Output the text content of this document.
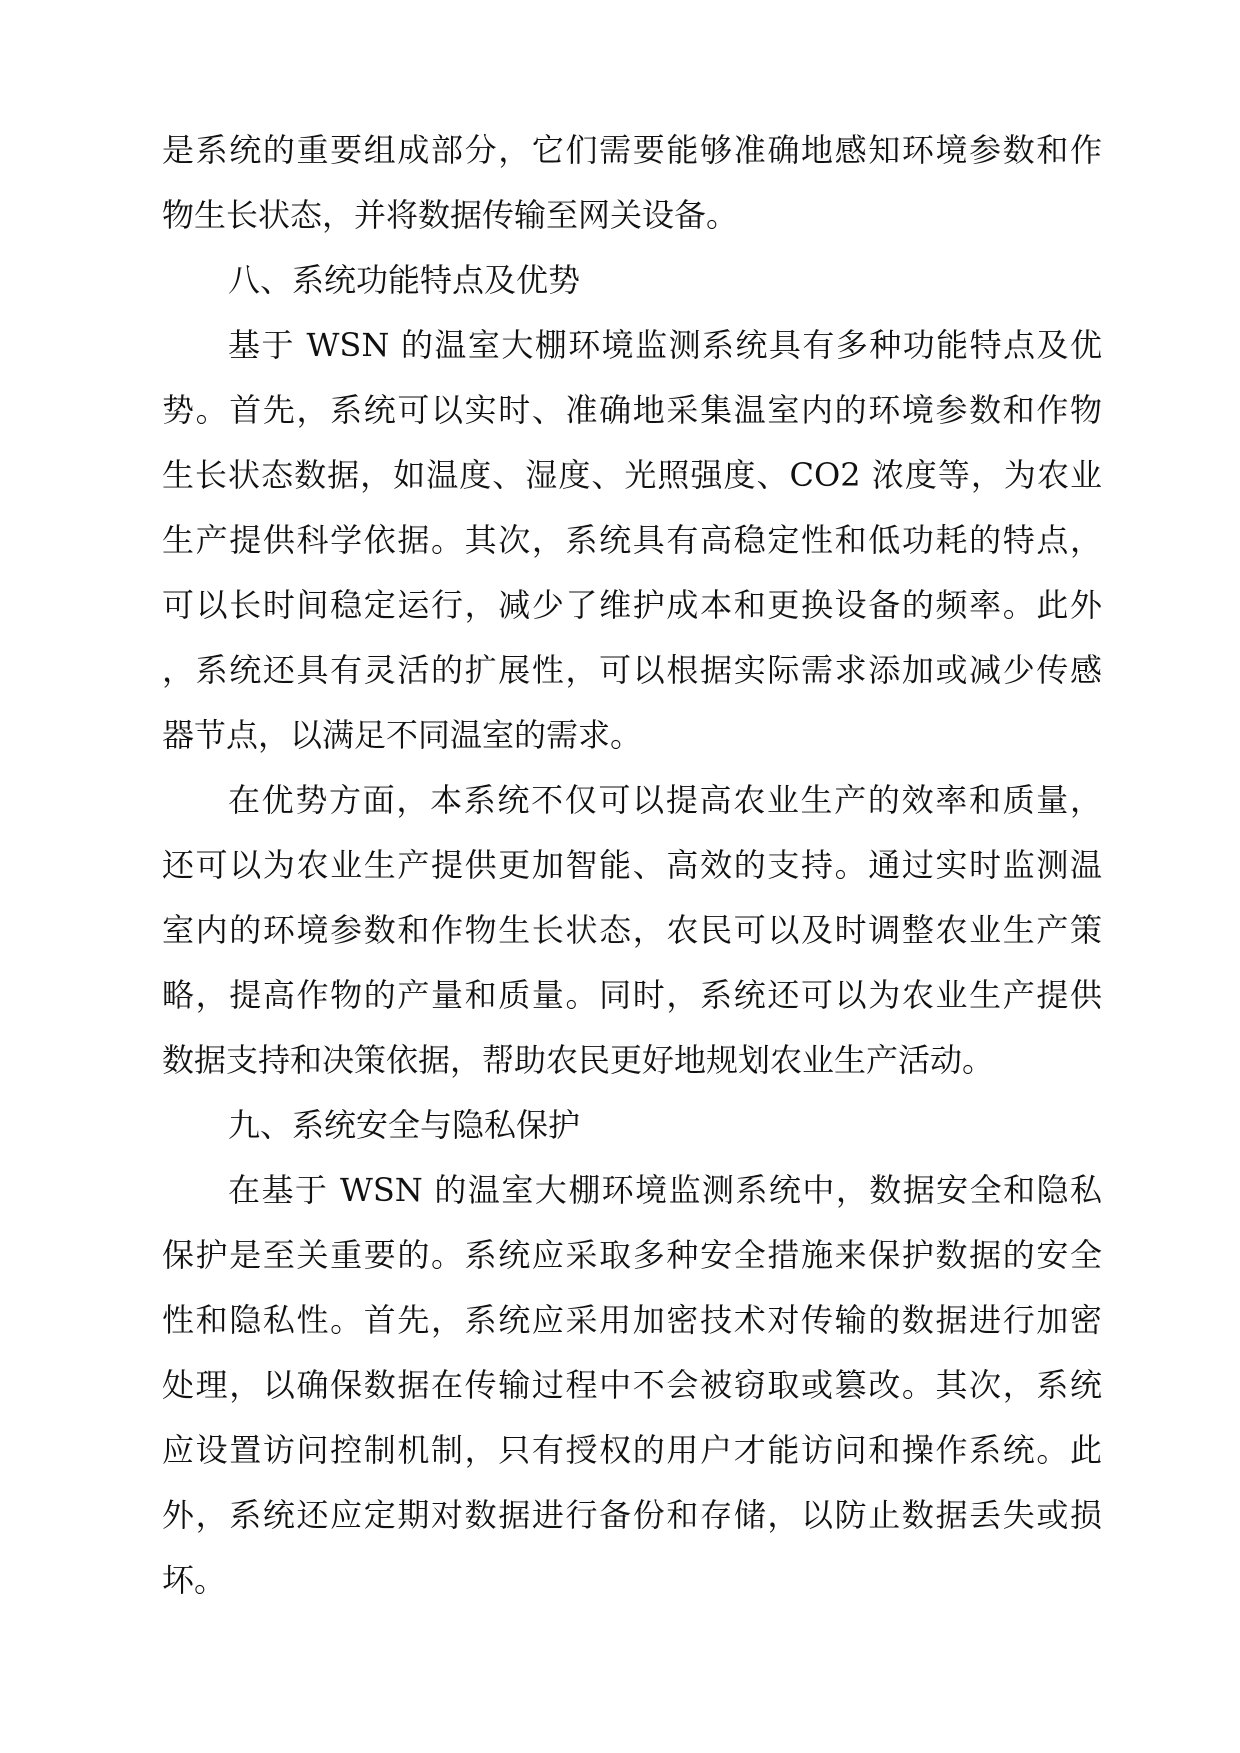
是系统的重要组成部分，它们需要能够准确地感知环境参数和作
物生长状态，并将数据传输至网关设备。
八、系统功能特点及优势
基于 WSN 的温室大棚环境监测系统具有多种功能特点及优
势。首先，系统可以实时、准确地采集温室内的环境参数和作物
生长状态数据，如温度、湿度、光照强度、CO2 浓度等，为农业
生产提供科学依据。其次，系统具有高稳定性和低功耗的特点，
可以长时间稳定运行，减少了维护成本和更换设备的频率。此外
，系统还具有灵活的扩展性，可以根据实际需求添加或减少传感
器节点，以满足不同温室的需求。
在优势方面，本系统不仅可以提高农业生产的效率和质量，
还可以为农业生产提供更加智能、高效的支持。通过实时监测温
室内的环境参数和作物生长状态，农民可以及时调整农业生产策
略，提高作物的产量和质量。同时，系统还可以为农业生产提供
数据支持和决策依据，帮助农民更好地规划农业生产活动。
九、系统安全与隐私保护
在基于 WSN 的温室大棚环境监测系统中，数据安全和隐私
保护是至关重要的。系统应采取多种安全措施来保护数据的安全
性和隐私性。首先，系统应采用加密技术对传输的数据进行加密
处理，以确保数据在传输过程中不会被窃取或篡改。其次，系统
应设置访问控制机制，只有授权的用户才能访问和操作系统。此
外，系统还应定期对数据进行备份和存储，以防止数据丢失或损
坏。
